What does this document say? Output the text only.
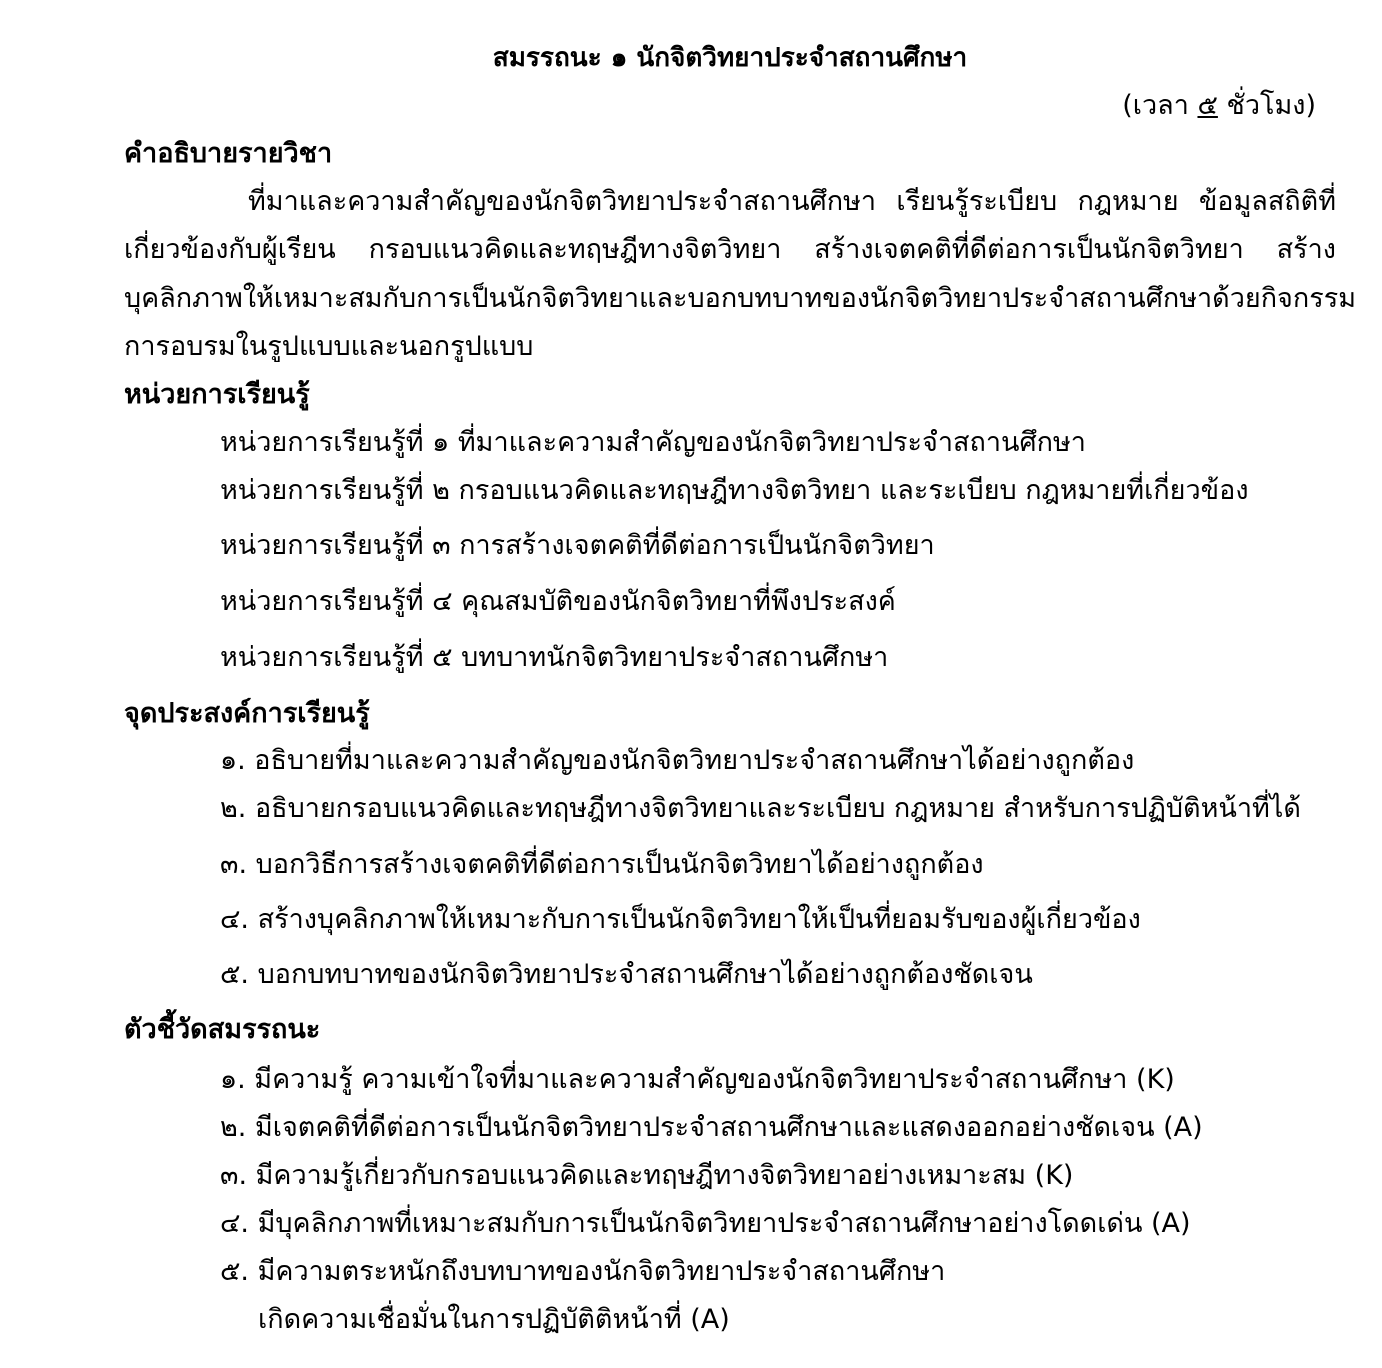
สมรรถนะ ๑ นักจิตวิทยาประจำสถานศึกษา
(เวลา ๕ ชั่วโมง)
คำอธิบายรายวิชา
ที่มาและความสำคัญของนักจิตวิทยาประจำสถานศึกษา เรียนรู้ระเบียบ กฎหมาย ข้อมูลสถิติที่
เกี่ยวข้องกับผู้เรียน กรอบแนวคิดและทฤษฎีทางจิตวิทยา สร้างเจตคติที่ดีต่อการเป็นนักจิตวิทยา สร้าง
บุคลิกภาพให้เหมาะสมกับการเป็นนักจิตวิทยาและบอกบทบาทของนักจิตวิทยาประจำสถานศึกษาด้วยกิจกรรม
การอบรมในรูปแบบและนอกรูปแบบ
หน่วยการเรียนรู้
หน่วยการเรียนรู้ที่ ๑ ที่มาและความสำคัญของนักจิตวิทยาประจำสถานศึกษา
หน่วยการเรียนรู้ที่ ๒ กรอบแนวคิดและทฤษฎีทางจิตวิทยา และระเบียบ กฎหมายที่เกี่ยวข้อง
หน่วยการเรียนรู้ที่ ๓ การสร้างเจตคติที่ดีต่อการเป็นนักจิตวิทยา
หน่วยการเรียนรู้ที่ ๔ คุณสมบัติของนักจิตวิทยาที่พึงประสงค์
หน่วยการเรียนรู้ที่ ๕ บทบาทนักจิตวิทยาประจำสถานศึกษา
จุดประสงค์การเรียนรู้
๑. อธิบายที่มาและความสำคัญของนักจิตวิทยาประจำสถานศึกษาได้อย่างถูกต้อง
๒. อธิบายกรอบแนวคิดและทฤษฎีทางจิตวิทยาและระเบียบ กฎหมาย สำหรับการปฏิบัติหน้าที่ได้
๓. บอกวิธีการสร้างเจตคติที่ดีต่อการเป็นนักจิตวิทยาได้อย่างถูกต้อง
๔. สร้างบุคลิกภาพให้เหมาะกับการเป็นนักจิตวิทยาให้เป็นที่ยอมรับของผู้เกี่ยวข้อง
๕. บอกบทบาทของนักจิตวิทยาประจำสถานศึกษาได้อย่างถูกต้องชัดเจน
ตัวชี้วัดสมรรถนะ
๑. มีความรู้ ความเข้าใจที่มาและความสำคัญของนักจิตวิทยาประจำสถานศึกษา (K)
๒. มีเจตคติที่ดีต่อการเป็นนักจิตวิทยาประจำสถานศึกษาและแสดงออกอย่างชัดเจน (A)
๓. มีความรู้เกี่ยวกับกรอบแนวคิดและทฤษฎีทางจิตวิทยาอย่างเหมาะสม (K)
๔. มีบุคลิกภาพที่เหมาะสมกับการเป็นนักจิตวิทยาประจำสถานศึกษาอย่างโดดเด่น (A)
๕. มีความตระหนักถึงบทบาทของนักจิตวิทยาประจำสถานศึกษา
เกิดความเชื่อมั่นในการปฏิบัติติหน้าที่ (A)
